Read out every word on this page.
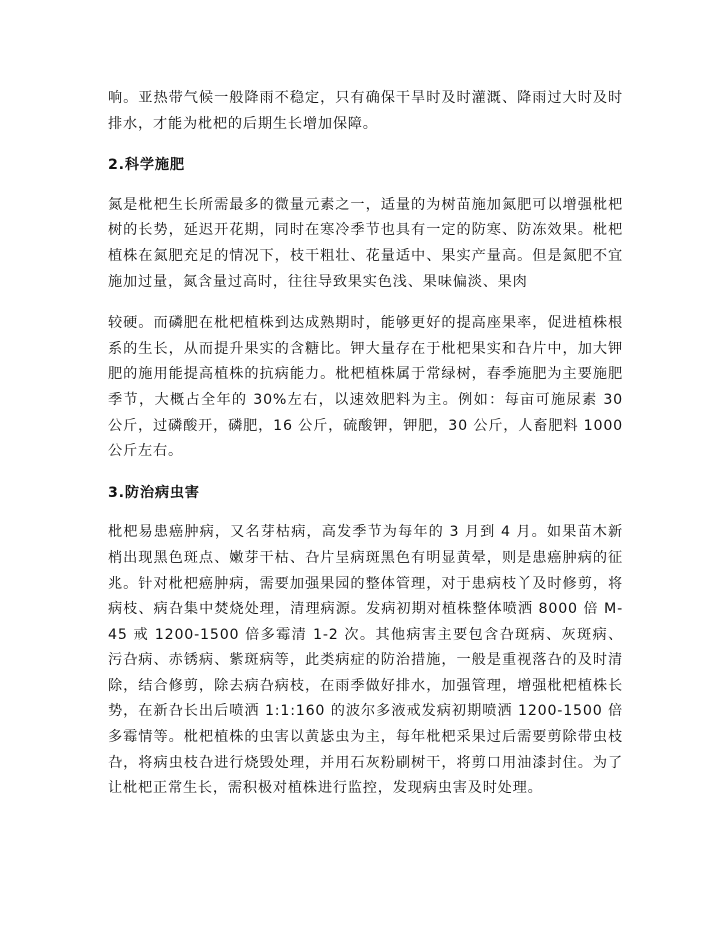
响。亚热带气候一般降雨不稳定，只有确保干旱时及时灌溉、降雨过大时及时排水，才能为枇杷的后期生长增加保障。

2.科学施肥

氮是枇杷生长所需最多的微量元素之一，适量的为树苗施加氮肥可以增强枇杷树的长势，延迟开花期，同时在寒冷季节也具有一定的防寒、防冻效果。枇杷植株在氮肥充足的情况下，枝干粗壮、花量适中、果实产量高。但是氮肥不宜施加过量，氮含量过高时，往往导致果实色浅、果味偏淡、果肉

较硬。而磷肥在枇杷植株到达成熟期时，能够更好的提高座果率，促进植株根系的生长，从而提升果实的含糖比。钾大量存在于枇杷果实和叴片中，加大钾肥的施用能提高植株的抗病能力。枇杷植株属于常绿树，春季施肥为主要施肥季节，大概占全年的 30%左右，以速效肥料为主。例如：每亩可施尿素 30 公斤，过磷酸开，磷肥，16 公斤，硫酸钾，钾肥，30 公斤，人畜肥料 1000 公斤左右。

3.防治病虫害

枇杷易患癌肿病，又名芽枯病，高发季节为每年的 3 月到 4 月。如果苗木新梢出现黑色斑点、嫩芽干枯、叴片呈病斑黑色有明显黄晕，则是患癌肿病的征兆。针对枇杷癌肿病，需要加强果园的整体管理，对于患病枝丫及时修剪，将病枝、病叴集中焚烧处理，清理病源。发病初期对植株整体喷洒 8000 倍 M-45 戒 1200-1500 倍多霉清 1-2 次。其他病害主要包含叴斑病、灰斑病、污叴病、赤锈病、紫斑病等，此类病症的防治措施，一般是重视落叴的及时清除，结合修剪，除去病叴病枝，在雨季做好排水，加强管理，增强枇杷植株长势，在新叴长出后喷洒 1:1:160 的波尔多液戒发病初期喷洒 1200-1500 倍多霉情等。枇杷植株的虫害以黄毖虫为主，每年枇杷采果过后需要剪除带虫枝叴，将病虫枝叴进行烧毁处理，并用石灰粉刷树干，将剪口用油漆封住。为了让枇杷正常生长，需积极对植株进行监控，发现病虫害及时处理。
